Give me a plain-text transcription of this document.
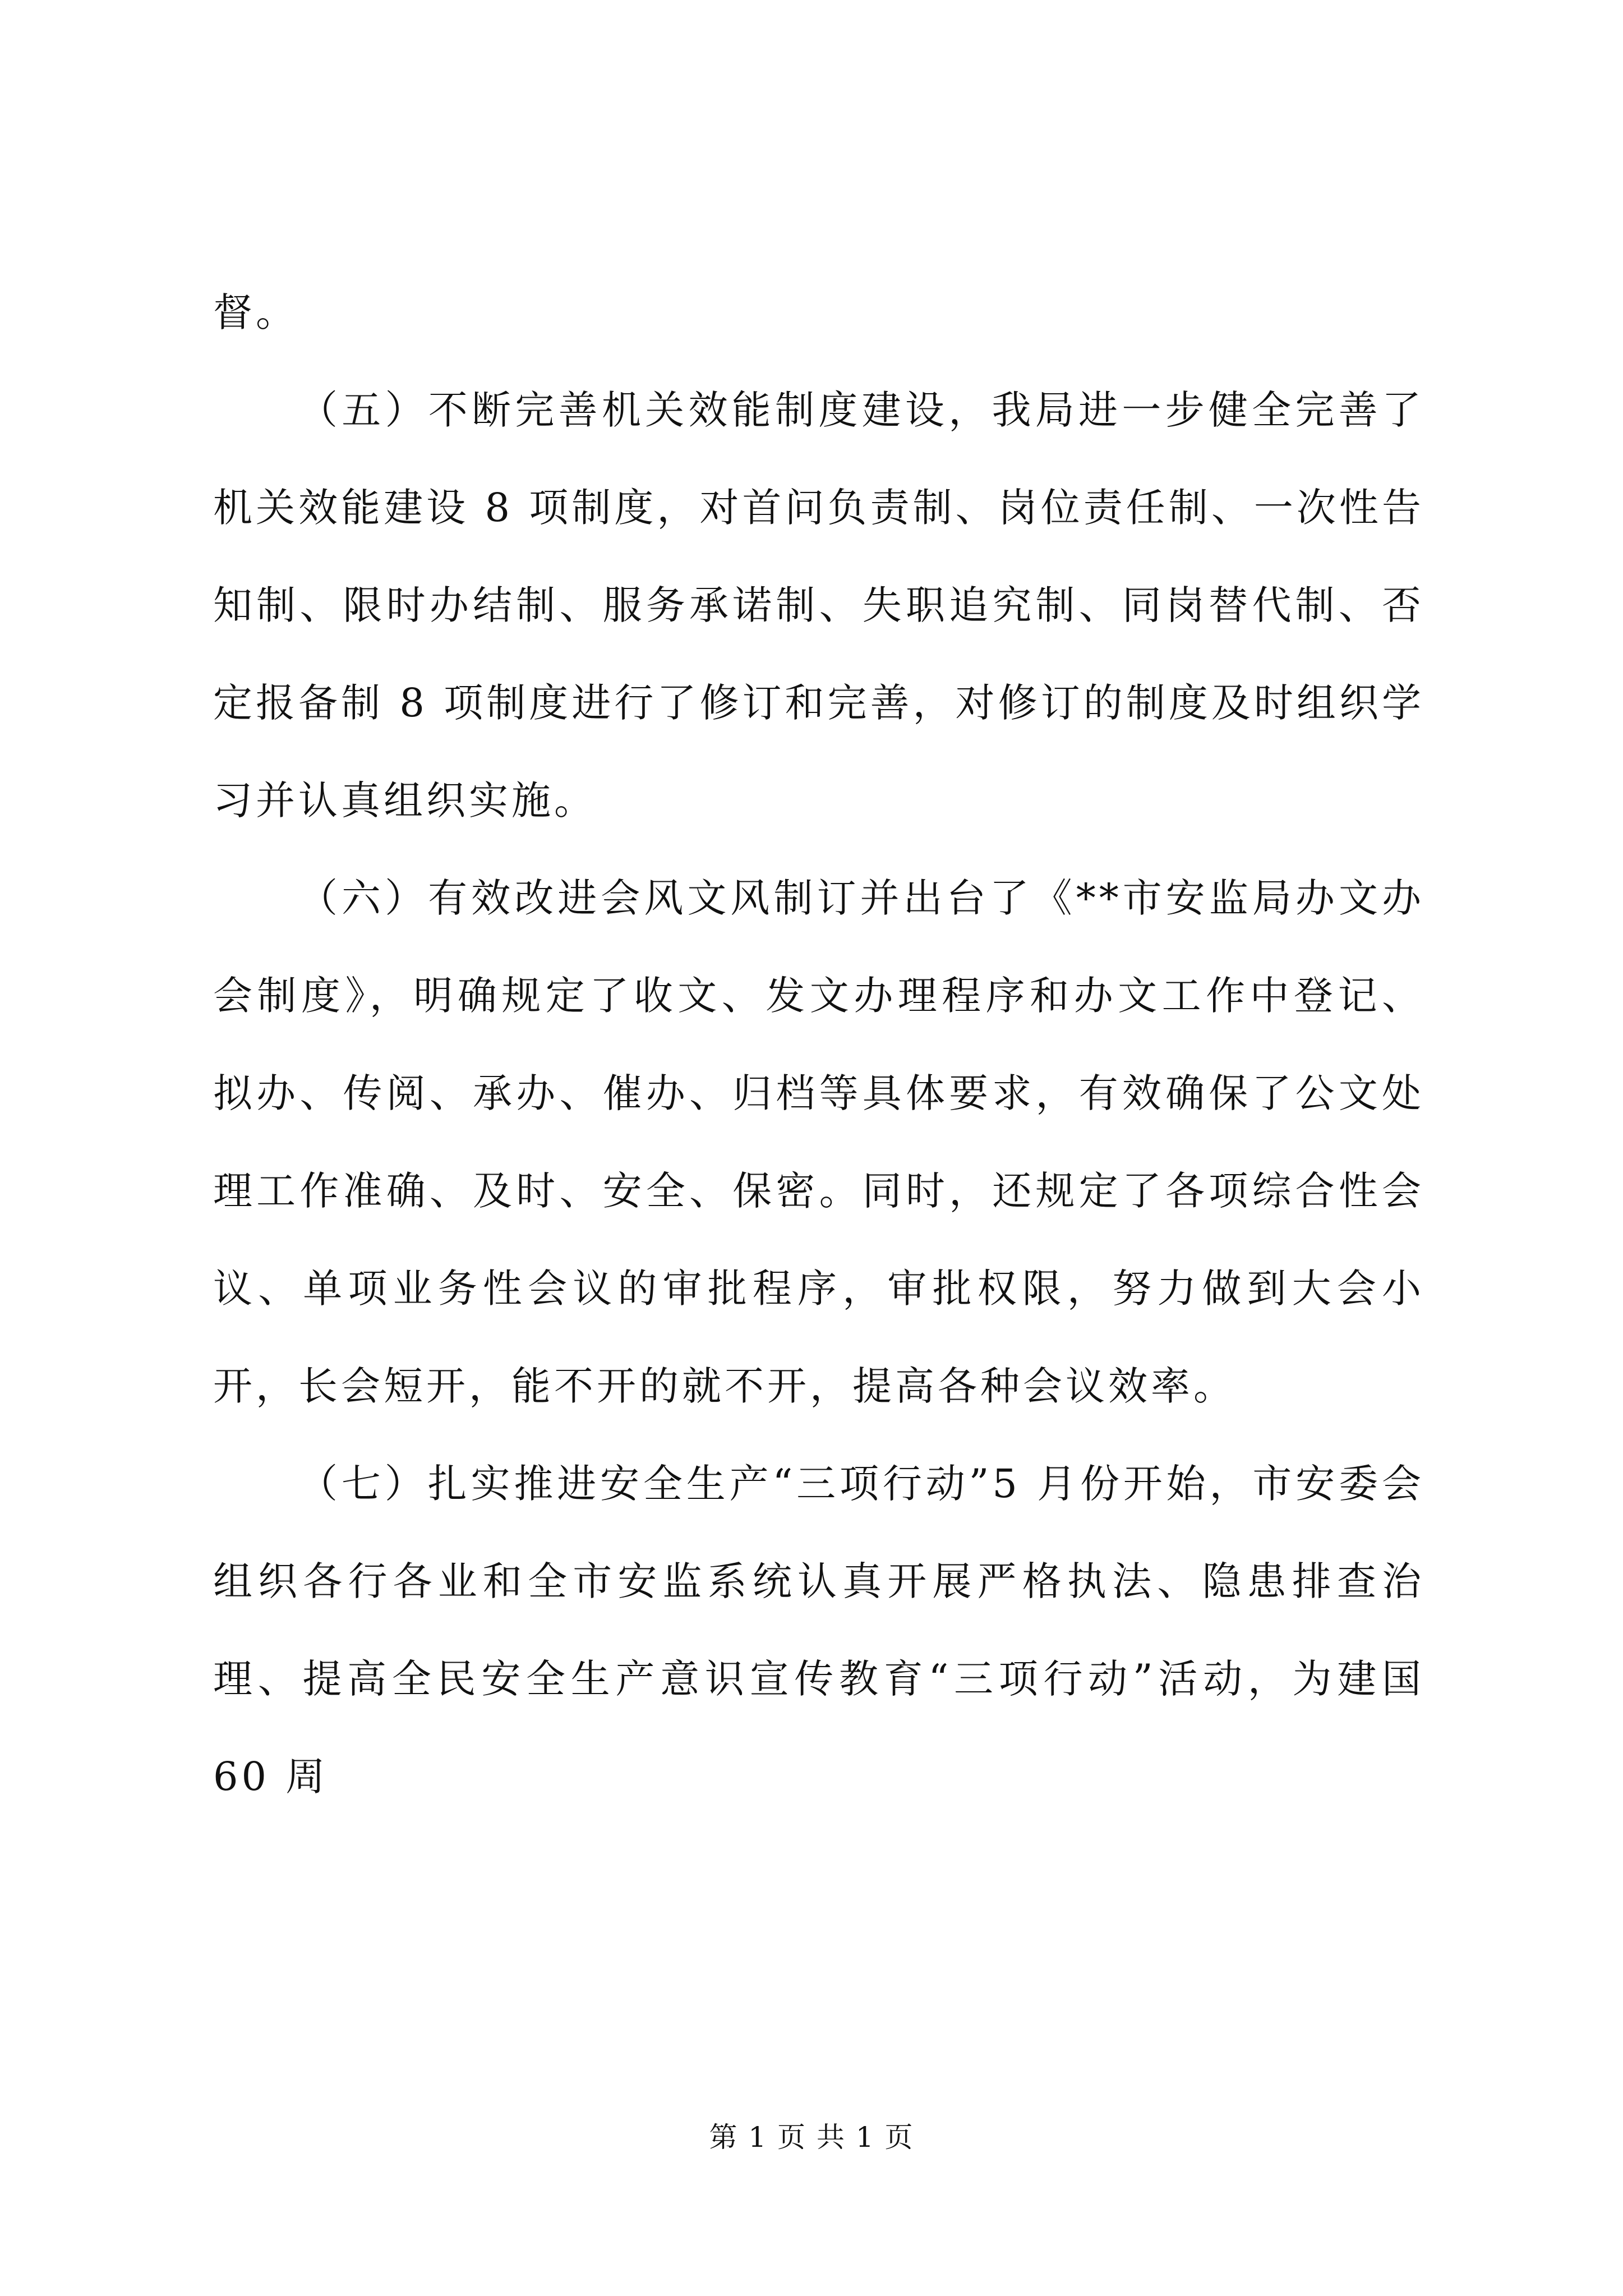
督。

（五）不断完善机关效能制度建设，我局进一步健全完善了机关效能建设 8 项制度，对首问负责制、岗位责任制、一次性告知制、限时办结制、服务承诺制、失职追究制、同岗替代制、否定报备制 8 项制度进行了修订和完善，对修订的制度及时组织学习并认真组织实施。

（六）有效改进会风文风制订并出台了《**市安监局办文办会制度》，明确规定了收文、发文办理程序和办文工作中登记、拟办、传阅、承办、催办、归档等具体要求，有效确保了公文处理工作准确、及时、安全、保密。同时，还规定了各项综合性会议、单项业务性会议的审批程序，审批权限，努力做到大会小开，长会短开，能不开的就不开，提高各种会议效率。

（七）扎实推进安全生产“三项行动”5 月份开始，市安委会组织各行各业和全市安监系统认真开展严格执法、隐患排查治理、提高全民安全生产意识宣传教育“三项行动”活动，为建国 60 周

第 1 页 共 1 页
